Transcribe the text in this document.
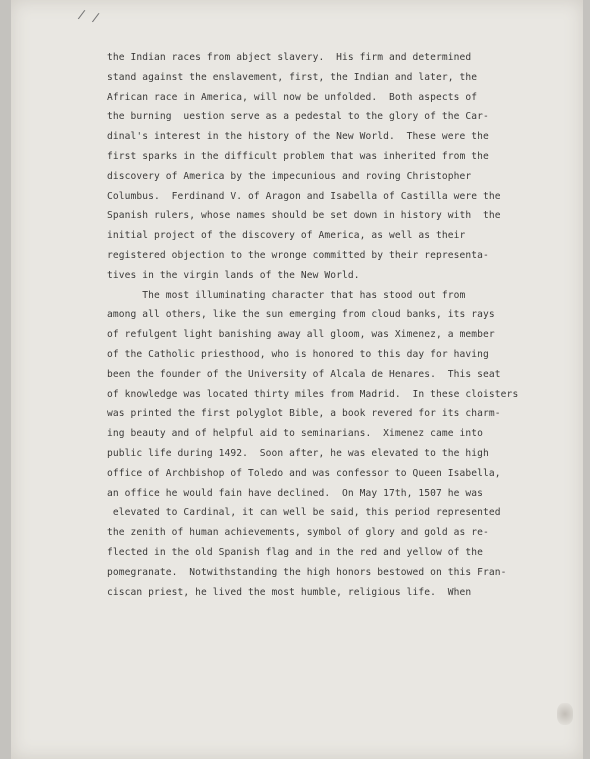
/ /
the Indian races from abject slavery.  His firm and determined
stand against the enslavement, first, the Indian and later, the
African race in America, will now be unfolded.  Both aspects of
the burning  uestion serve as a pedestal to the glory of the Car-
dinal's interest in the history of the New World.  These were the
first sparks in the difficult problem that was inherited from the
discovery of America by the impecunious and roving Christopher
Columbus.  Ferdinand V. of Aragon and Isabella of Castilla were the
Spanish rulers, whose names should be set down in history with  the
initial project of the discovery of America, as well as their
registered objection to the wronge committed by their representa-
tives in the virgin lands of the New World.
The most illuminating character that has stood out from
among all others, like the sun emerging from cloud banks, its rays
of refulgent light banishing away all gloom, was Ximenez, a member
of the Catholic priesthood, who is honored to this day for having
been the founder of the University of Alcala de Henares.  This seat
of knowledge was located thirty miles from Madrid.  In these cloisters
was printed the first polyglot Bible, a book revered for its charm-
ing beauty and of helpful aid to seminarians.  Ximenez came into
public life during 1492.  Soon after, he was elevated to the high
office of Archbishop of Toledo and was confessor to Queen Isabella,
an office he would fain have declined.  On May 17th, 1507 he was
elevated to Cardinal, it can well be said, this period represented
the zenith of human achievements, symbol of glory and gold as re-
flected in the old Spanish flag and in the red and yellow of the
pomegranate.  Notwithstanding the high honors bestowed on this Fran-
ciscan priest, he lived the most humble, religious life.  When
